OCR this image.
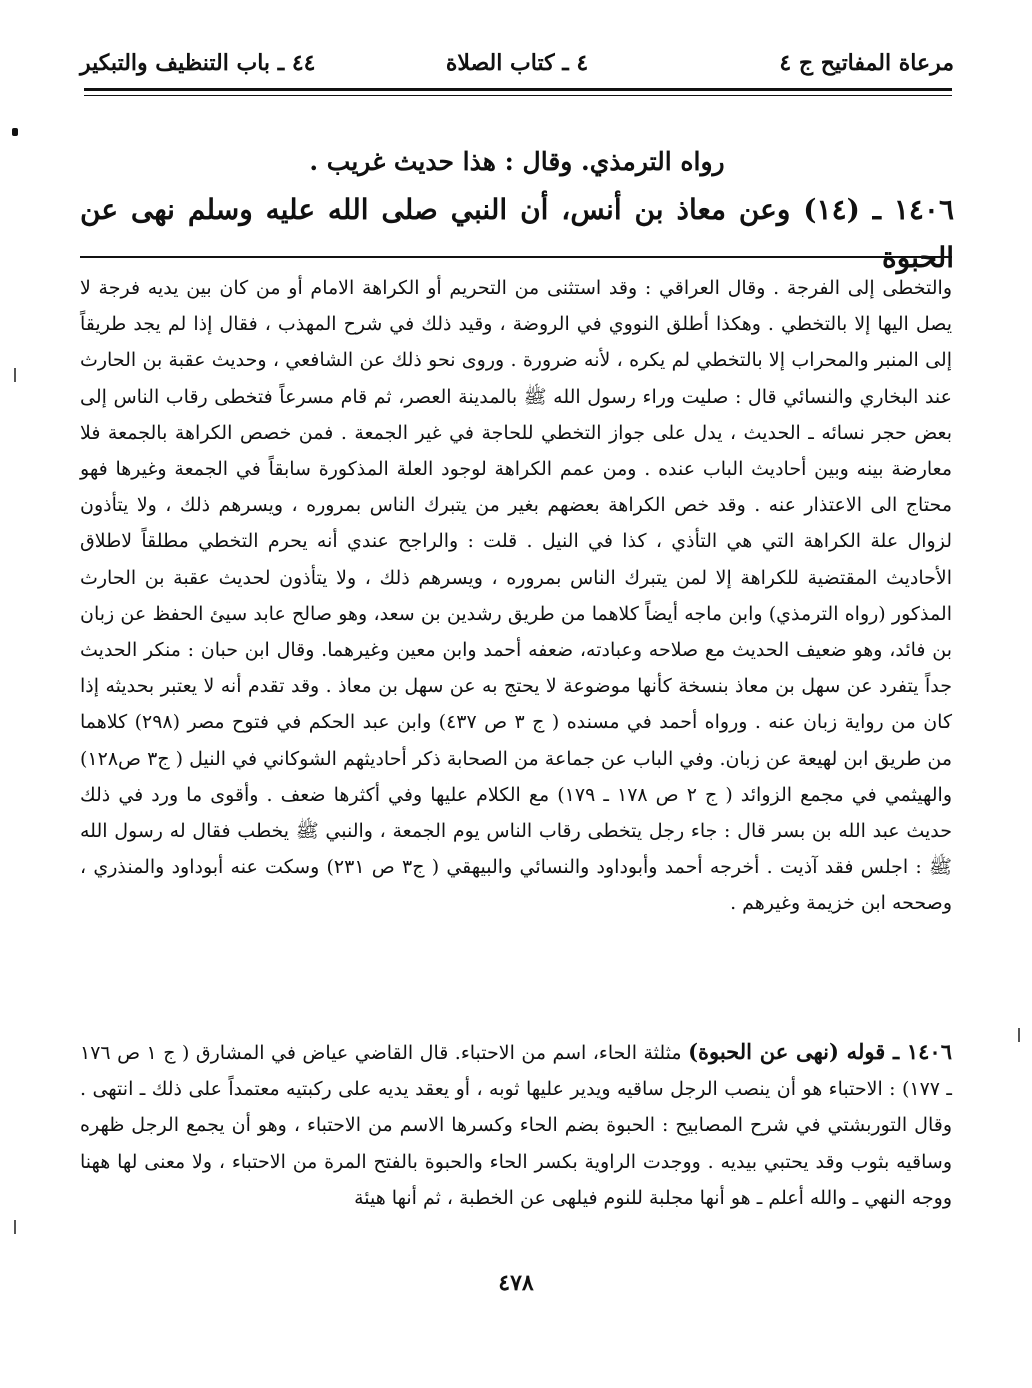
مرعاة المفاتيح ج ٤
٤ ـ كتاب الصلاة
٤٤ ـ باب التنظيف والتبكير

رواه الترمذي. وقال : هذا حديث غريب .

١٤٠٦ ـ (١٤) وعن معاذ بن أنس، أن النبي صلى الله عليه وسلم نهى عن الحبوة

والتخطى إلى الفرجة . وقال العراقي : وقد استثنى من التحريم أو الكراهة الامام أو من كان بين يديه فرجة لا يصل اليها إلا بالتخطي . وهكذا أطلق النووي في الروضة ، وقيد ذلك في شرح المهذب ، فقال إذا لم يجد طريقاً إلى المنبر والمحراب إلا بالتخطي لم يكره ، لأنه ضرورة . وروى نحو ذلك عن الشافعي ، وحديث عقبة بن الحارث عند البخاري والنسائي قال : صليت وراء رسول الله ﷺ بالمدينة العصر، ثم قام مسرعاً فتخطى رقاب الناس إلى بعض حجر نسائه ـ الحديث ، يدل على جواز التخطي للحاجة في غير الجمعة . فمن خصص الكراهة بالجمعة فلا معارضة بينه وبين أحاديث الباب عنده . ومن عمم الكراهة لوجود العلة المذكورة سابقاً في الجمعة وغيرها فهو محتاج الى الاعتذار عنه . وقد خص الكراهة بعضهم بغير من يتبرك الناس بمروره ، ويسرهم ذلك ، ولا يتأذون لزوال علة الكراهة التي هي التأذي ، كذا في النيل . قلت : والراجح عندي أنه يحرم التخطي مطلقاً لاطلاق الأحاديث المقتضية للكراهة إلا لمن يتبرك الناس بمروره ، ويسرهم ذلك ، ولا يتأذون لحديث عقبة بن الحارث المذكور (رواه الترمذي) وابن ماجه أيضاً كلاهما من طريق رشدين بن سعد، وهو صالح عابد سيئ الحفظ عن زبان بن فائد، وهو ضعيف الحديث مع صلاحه وعبادته، ضعفه أحمد وابن معين وغيرهما. وقال ابن حبان : منكر الحديث جداً يتفرد عن سهل بن معاذ بنسخة كأنها موضوعة لا يحتج به عن سهل بن معاذ . وقد تقدم أنه لا يعتبر بحديثه إذا كان من رواية زبان عنه . ورواه أحمد في مسنده ( ج ٣ ص ٤٣٧) وابن عبد الحكم في فتوح مصر (٢٩٨) كلاهما من طريق ابن لهيعة عن زبان. وفي الباب عن جماعة من الصحابة ذكر أحاديثهم الشوكاني في النيل ( ج٣ ص١٢٨) والهيثمي في مجمع الزوائد ( ج ٢ ص ١٧٨ ـ ١٧٩) مع الكلام عليها وفي أكثرها ضعف . وأقوى ما ورد في ذلك حديث عبد الله بن بسر قال : جاء رجل يتخطى رقاب الناس يوم الجمعة ، والنبي ﷺ يخطب فقال له رسول الله ﷺ : اجلس فقد آذيت . أخرجه أحمد وأبوداود والنسائي والبيهقي ( ج٣ ص ٢٣١) وسكت عنه أبوداود والمنذري ، وصححه ابن خزيمة وغيرهم .

١٤٠٦ ـ قوله (نهى عن الحبوة) مثلثة الحاء، اسم من الاحتباء. قال القاضي عياض في المشارق ( ج ١ ص ١٧٦ ـ ١٧٧) : الاحتباء هو أن ينصب الرجل ساقيه ويدير عليها ثوبه ، أو يعقد يديه على ركبتيه معتمداً على ذلك ـ انتهى . وقال التوربشتي في شرح المصابيح : الحبوة بضم الحاء وكسرها الاسم من الاحتباء ، وهو أن يجمع الرجل ظهره وساقيه بثوب وقد يحتبي بيديه . ووجدت الراوية بكسر الحاء والحبوة بالفتح المرة من الاحتباء ، ولا معنى لها ههنا ووجه النهي ـ والله أعلم ـ هو أنها مجلبة للنوم فيلهى عن الخطبة ، ثم أنها هيئة

٤٧٨
